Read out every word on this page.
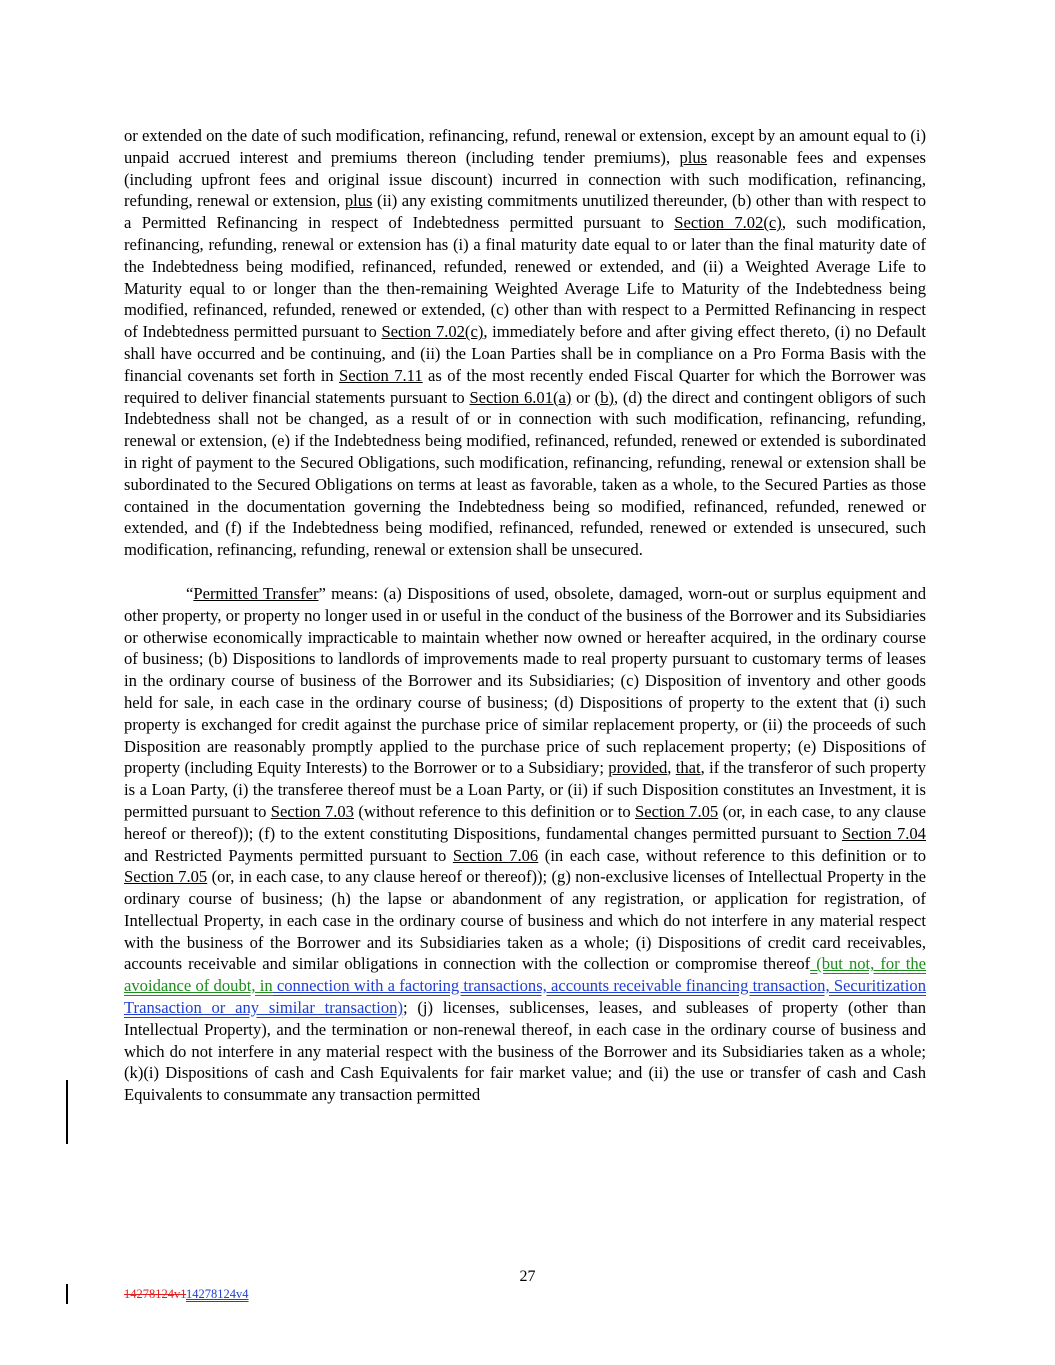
or extended on the date of such modification, refinancing, refund, renewal or extension, except by an amount equal to (i) unpaid accrued interest and premiums thereon (including tender premiums), plus reasonable fees and expenses (including upfront fees and original issue discount) incurred in connection with such modification, refinancing, refunding, renewal or extension, plus (ii) any existing commitments unutilized thereunder, (b) other than with respect to a Permitted Refinancing in respect of Indebtedness permitted pursuant to Section 7.02(c), such modification, refinancing, refunding, renewal or extension has (i) a final maturity date equal to or later than the final maturity date of the Indebtedness being modified, refinanced, refunded, renewed or extended, and (ii) a Weighted Average Life to Maturity equal to or longer than the then-remaining Weighted Average Life to Maturity of the Indebtedness being modified, refinanced, refunded, renewed or extended, (c) other than with respect to a Permitted Refinancing in respect of Indebtedness permitted pursuant to Section 7.02(c), immediately before and after giving effect thereto, (i) no Default shall have occurred and be continuing, and (ii) the Loan Parties shall be in compliance on a Pro Forma Basis with the financial covenants set forth in Section 7.11 as of the most recently ended Fiscal Quarter for which the Borrower was required to deliver financial statements pursuant to Section 6.01(a) or (b), (d) the direct and contingent obligors of such Indebtedness shall not be changed, as a result of or in connection with such modification, refinancing, refunding, renewal or extension, (e) if the Indebtedness being modified, refinanced, refunded, renewed or extended is subordinated in right of payment to the Secured Obligations, such modification, refinancing, refunding, renewal or extension shall be subordinated to the Secured Obligations on terms at least as favorable, taken as a whole, to the Secured Parties as those contained in the documentation governing the Indebtedness being so modified, refinanced, refunded, renewed or extended, and (f) if the Indebtedness being modified, refinanced, refunded, renewed or extended is unsecured, such modification, refinancing, refunding, renewal or extension shall be unsecured.

“Permitted Transfer” means: (a) Dispositions of used, obsolete, damaged, worn-out or surplus equipment and other property, or property no longer used in or useful in the conduct of the business of the Borrower and its Subsidiaries or otherwise economically impracticable to maintain whether now owned or hereafter acquired, in the ordinary course of business; (b) Dispositions to landlords of improvements made to real property pursuant to customary terms of leases in the ordinary course of business of the Borrower and its Subsidiaries; (c) Disposition of inventory and other goods held for sale, in each case in the ordinary course of business; (d) Dispositions of property to the extent that (i) such property is exchanged for credit against the purchase price of similar replacement property, or (ii) the proceeds of such Disposition are reasonably promptly applied to the purchase price of such replacement property; (e) Dispositions of property (including Equity Interests) to the Borrower or to a Subsidiary; provided, that, if the transferor of such property is a Loan Party, (i) the transferee thereof must be a Loan Party, or (ii) if such Disposition constitutes an Investment, it is permitted pursuant to Section 7.03 (without reference to this definition or to Section 7.05 (or, in each case, to any clause hereof or thereof)); (f) to the extent constituting Dispositions, fundamental changes permitted pursuant to Section 7.04 and Restricted Payments permitted pursuant to Section 7.06 (in each case, without reference to this definition or to Section 7.05 (or, in each case, to any clause hereof or thereof)); (g) non-exclusive licenses of Intellectual Property in the ordinary course of business; (h) the lapse or abandonment of any registration, or application for registration, of Intellectual Property, in each case in the ordinary course of business and which do not interfere in any material respect with the business of the Borrower and its Subsidiaries taken as a whole; (i) Dispositions of credit card receivables, accounts receivable and similar obligations in connection with the collection or compromise thereof (but not, for the avoidance of doubt, in connection with a factoring transactions, accounts receivable financing transaction, Securitization Transaction or any similar transaction); (j) licenses, sublicenses, leases, and subleases of property (other than Intellectual Property), and the termination or non-renewal thereof, in each case in the ordinary course of business and which do not interfere in any material respect with the business of the Borrower and its Subsidiaries taken as a whole; (k)(i) Dispositions of cash and Cash Equivalents for fair market value; and (ii) the use or transfer of cash and Cash Equivalents to consummate any transaction permitted

27
14278124v114278124v4
